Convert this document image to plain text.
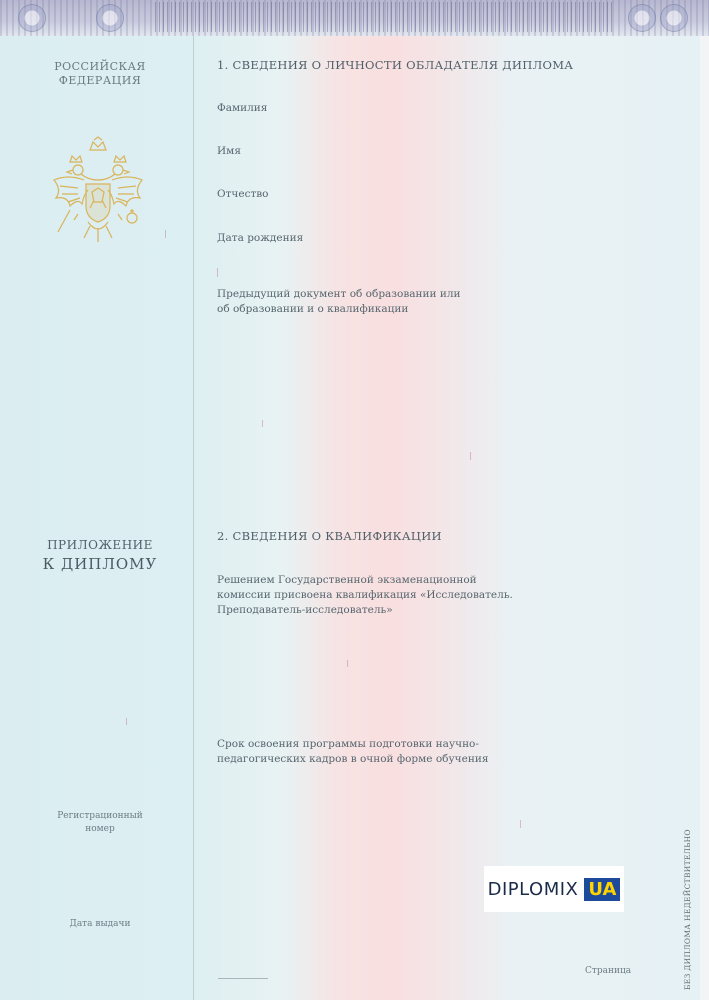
РОССИЙСКАЯ
ФЕДЕРАЦИЯ
ПРИЛОЖЕНИЕ
К ДИПЛОМУ
Регистрационный
номер
Дата выдачи
1. СВЕДЕНИЯ О ЛИЧНОСТИ ОБЛАДАТЕЛЯ ДИПЛОМА
Фамилия
Имя
Отчество
Дата рождения
Предыдущий документ об образовании или
об образовании и о квалификации
2. СВЕДЕНИЯ О КВАЛИФИКАЦИИ
Решением Государственной экзаменационной
комиссии присвоена квалификация «Исследователь.
Преподаватель-исследователь»
Срок освоения программы подготовки научно-
педагогических кадров в очной форме обучения
DIPLOMIX UA
Страница	БЕЗ ДИПЛОМА НЕДЕЙСТВИТЕЛЬНО
